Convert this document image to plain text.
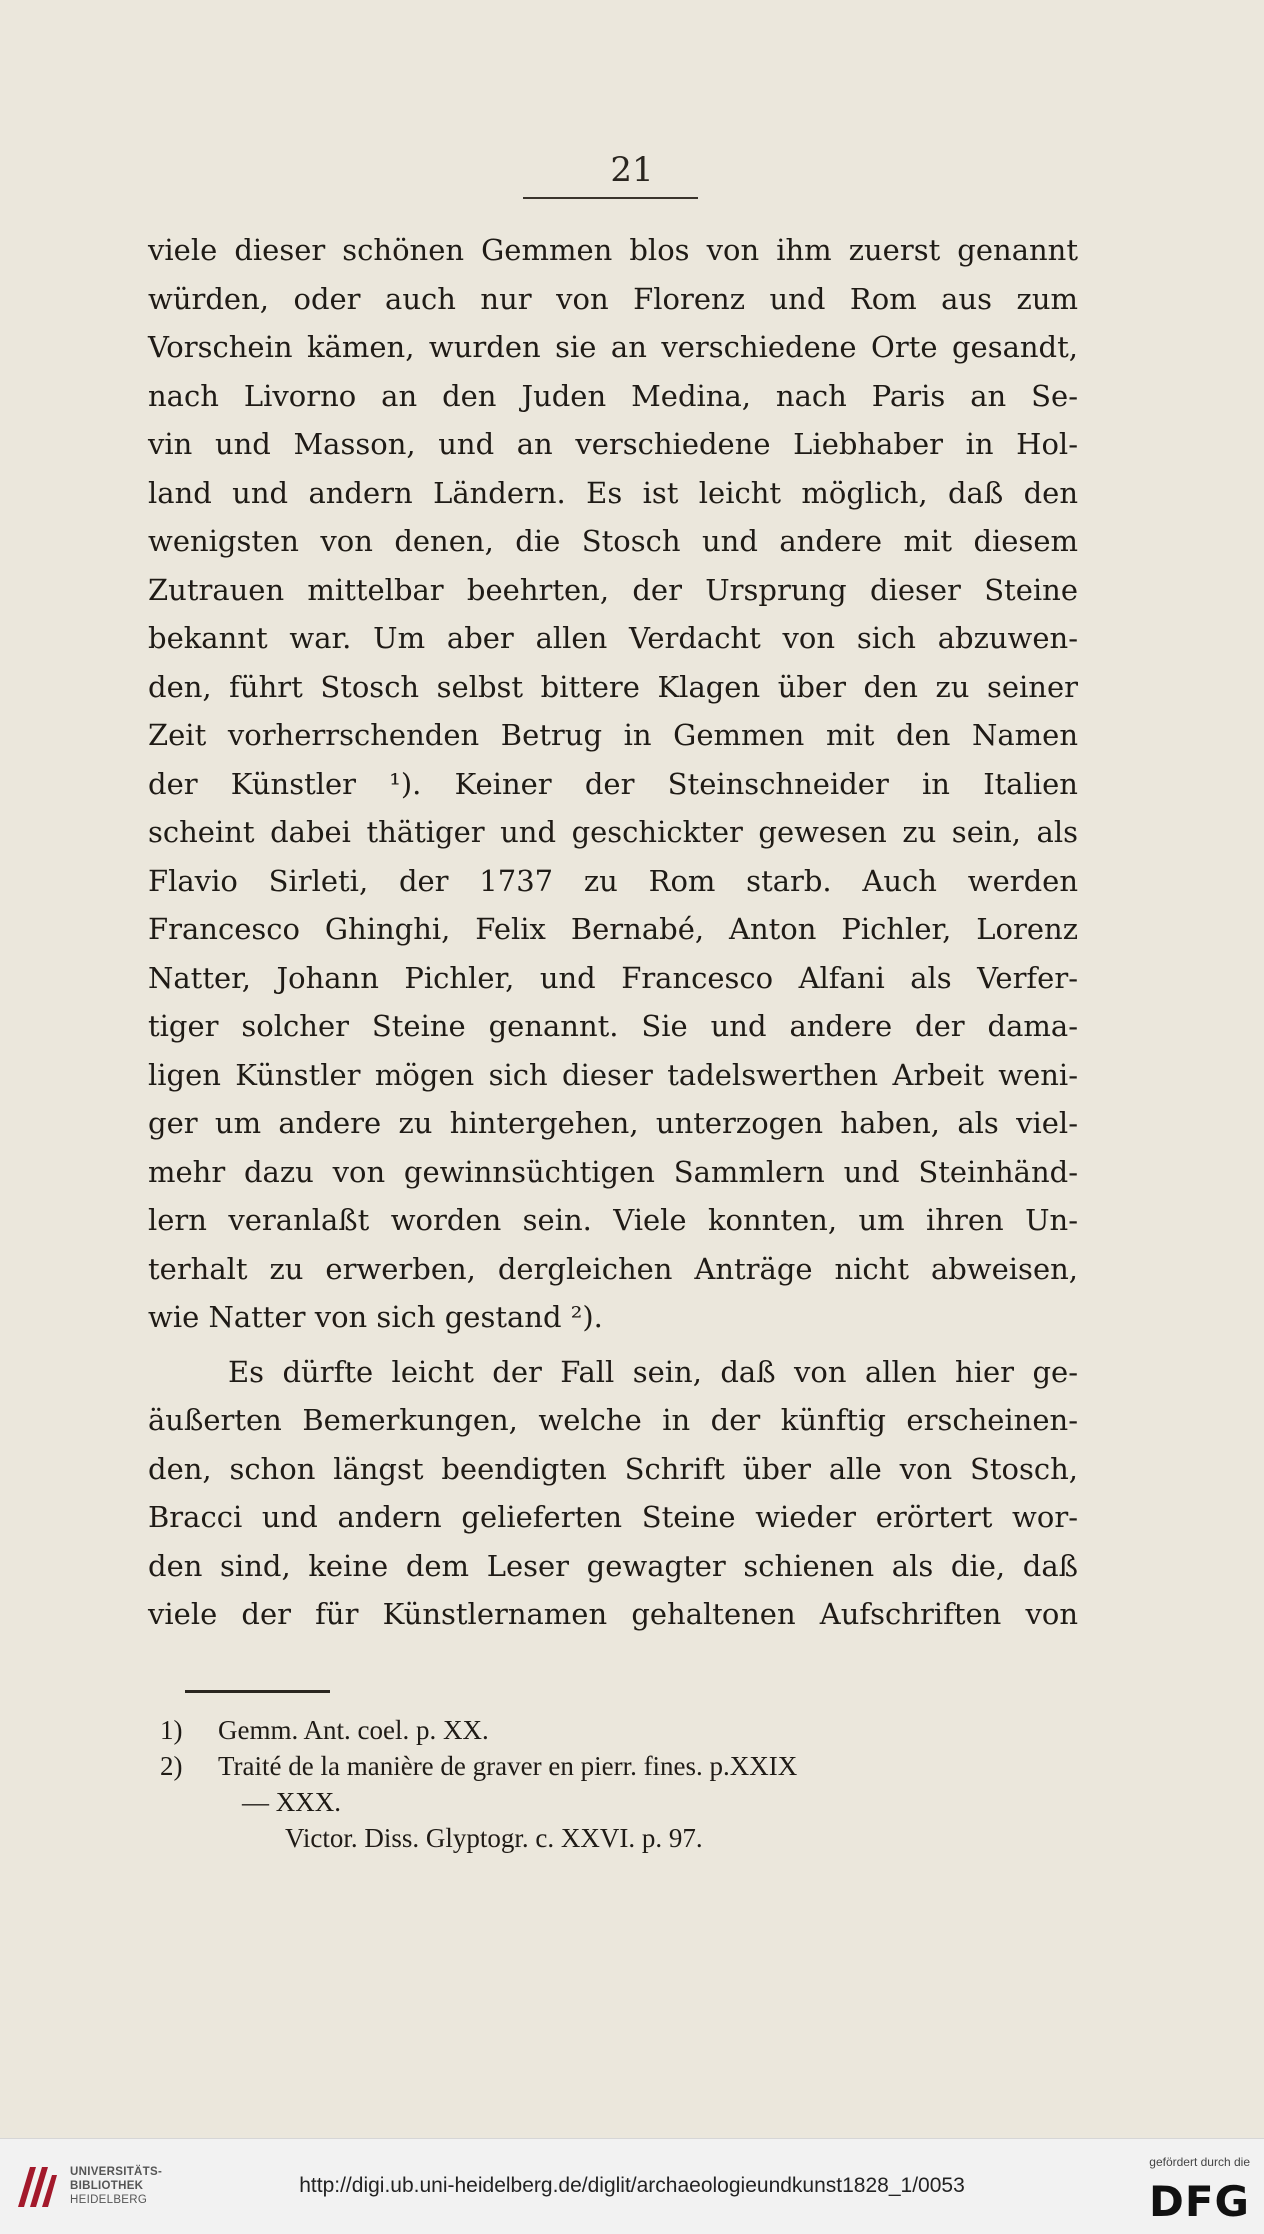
21
viele dieser schönen Gemmen blos von ihm zuerst genannt
würden, oder auch nur von Florenz und Rom aus zum
Vorschein kämen, wurden sie an verschiedene Orte gesandt,
nach Livorno an den Juden Medina, nach Paris an Se-
vin und Masson, und an verschiedene Liebhaber in Hol-
land und andern Ländern. Es ist leicht möglich, daß den
wenigsten von denen, die Stosch und andere mit diesem
Zutrauen mittelbar beehrten, der Ursprung dieser Steine
bekannt war. Um aber allen Verdacht von sich abzuwen-
den, führt Stosch selbst bittere Klagen über den zu seiner
Zeit vorherrschenden Betrug in Gemmen mit den Namen
der Künstler ¹). Keiner der Steinschneider in Italien
scheint dabei thätiger und geschickter gewesen zu sein, als
Flavio Sirleti, der 1737 zu Rom starb. Auch werden
Francesco Ghinghi, Felix Bernabé, Anton Pichler, Lorenz
Natter, Johann Pichler, und Francesco Alfani als Verfer-
tiger solcher Steine genannt. Sie und andere der dama-
ligen Künstler mögen sich dieser tadelswerthen Arbeit weni-
ger um andere zu hintergehen, unterzogen haben, als viel-
mehr dazu von gewinnsüchtigen Sammlern und Steinhänd-
lern veranlaßt worden sein. Viele konnten, um ihren Un-
terhalt zu erwerben, dergleichen Anträge nicht abweisen,
wie Natter von sich gestand ²).
Es dürfte leicht der Fall sein, daß von allen hier ge-
äußerten Bemerkungen, welche in der künftig erscheinen-
den, schon längst beendigten Schrift über alle von Stosch,
Bracci und andern gelieferten Steine wieder erörtert wor-
den sind, keine dem Leser gewagter schienen als die, daß
viele der für Künstlernamen gehaltenen Aufschriften von
1)	Gemm. Ant. coel. p. XX.
2)	Traité de la manière de graver en pierr. fines. p.XXIX
— XXX.
Victor. Diss. Glyptogr. c. XXVI. p. 97.
UNIVERSITÄTS-
BIBLIOTHEK
HEIDELBERG
http://digi.ub.uni-heidelberg.de/diglit/archaeologieundkunst1828_1/0053
gefördert durch die
DFG
